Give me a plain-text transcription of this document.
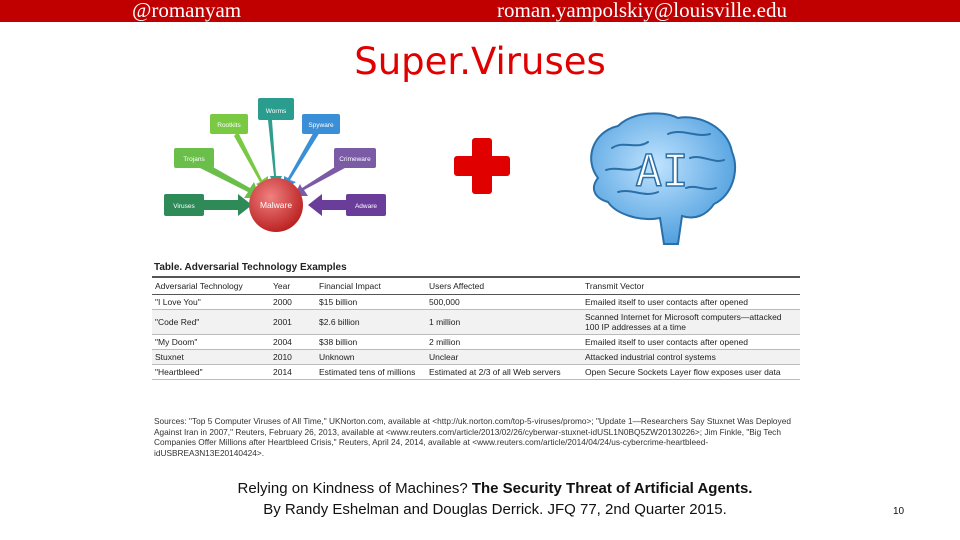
@romanyam	roman.yampolskiy@louisville.edu
Super.Viruses
Worms
Spyware
Crimeware
Adware
Rootkits
Trojans
Viruses	Malware
AI
Table. Adversarial Technology Examples
Adversarial Technology	Year	Financial Impact	Users Affected	Transmit Vector
"I Love You"	2000	$15 billion	500,000	Emailed itself to user contacts after opened
"Code Red"	2001	$2.6 billion	1 million	Scanned Internet for Microsoft computers—attacked 100 IP addresses at a time
"My Doom"	2004	$38 billion	2 million	Emailed itself to user contacts after opened
Stuxnet	2010	Unknown	Unclear	Attacked industrial control systems
"Heartbleed"	2014	Estimated tens of millions	Estimated at 2/3 of all Web servers	Open Secure Sockets Layer flow exposes user data
Sources: "Top 5 Computer Viruses of All Time," UKNorton.com, available at <http://uk.norton.com/top-5-viruses/promo>; "Update 1—Researchers Say Stuxnet Was Deployed Against Iran in 2007," Reuters, February 26, 2013, available at <www.reuters.com/article/2013/02/26/cyberwar-stuxnet-idUSL1N0BQ5ZW20130226>; Jim Finkle, "Big Tech Companies Offer Millions after Heartbleed Crisis," Reuters, April 24, 2014, available at <www.reuters.com/article/2014/04/24/us-cybercrime-heartbleed-idUSBREA3N13E20140424>.
Relying on Kindness of Machines? The Security Threat of Artificial Agents.
By Randy Eshelman and Douglas Derrick. JFQ 77, 2nd Quarter 2015.	10
